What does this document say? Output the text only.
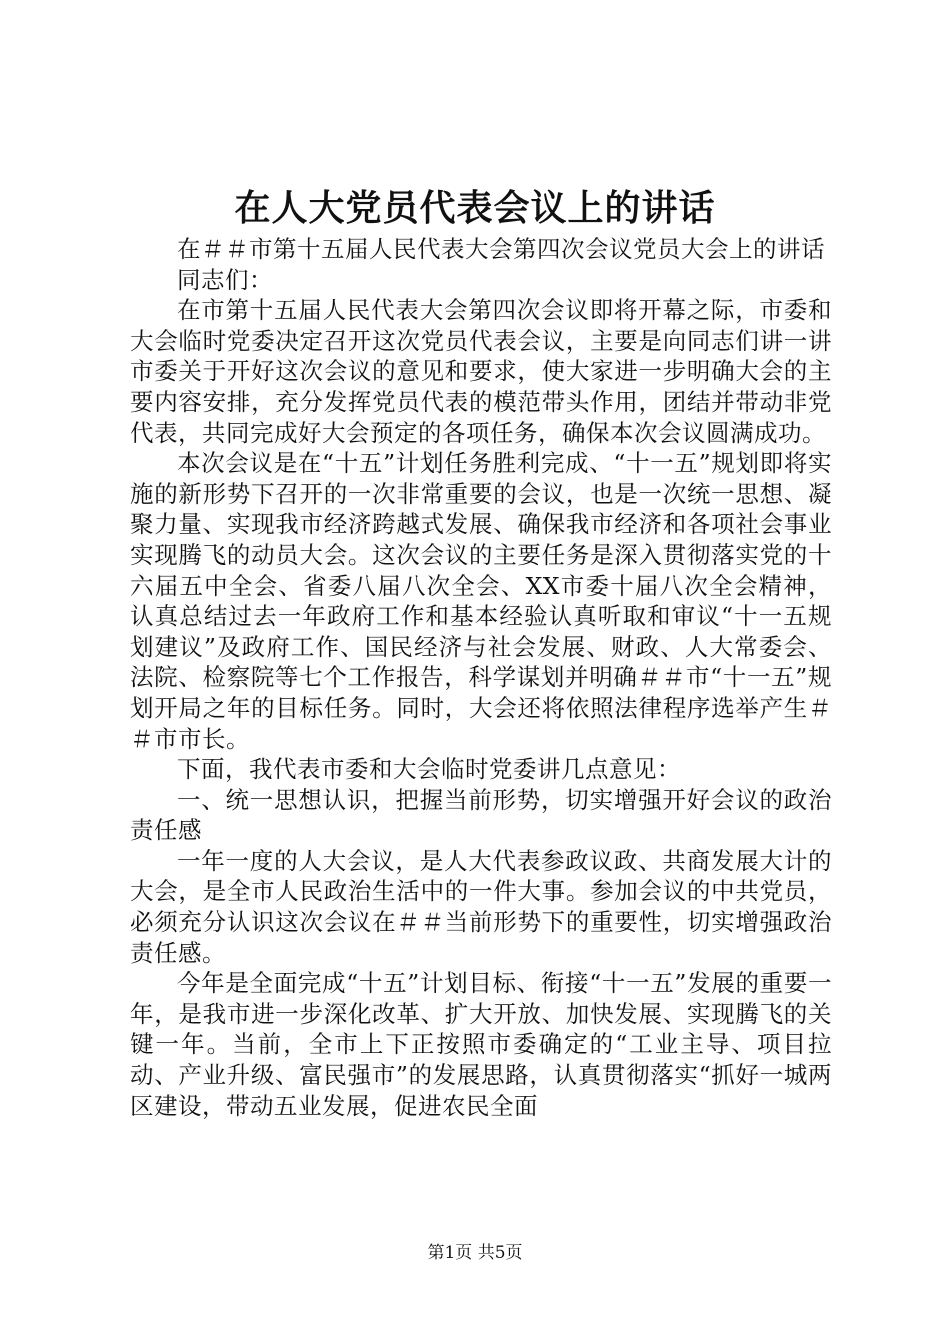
在人大党员代表会议上的讲话

在＃＃市第十五届人民代表大会第四次会议党员大会上的讲话

同志们：

在市第十五届人民代表大会第四次会议即将开幕之际，市委和大会临时党委决定召开这次党员代表会议，主要是向同志们讲一讲市委关于开好这次会议的意见和要求，使大家进一步明确大会的主要内容安排，充分发挥党员代表的模范带头作用，团结并带动非党代表，共同完成好大会预定的各项任务，确保本次会议圆满成功。

本次会议是在“十五”计划任务胜利完成、“十一五”规划即将实施的新形势下召开的一次非常重要的会议，也是一次统一思想、凝聚力量、实现我市经济跨越式发展、确保我市经济和各项社会事业实现腾飞的动员大会。这次会议的主要任务是深入贯彻落实党的十六届五中全会、省委八届八次全会、XX市委十届八次全会精神，认真总结过去一年政府工作和基本经验认真听取和审议“十一五规划建议”及政府工作、国民经济与社会发展、财政、人大常委会、法院、检察院等七个工作报告，科学谋划并明确＃＃市“十一五”规划开局之年的目标任务。同时，大会还将依照法律程序选举产生＃＃市市长。

下面，我代表市委和大会临时党委讲几点意见：

一、统一思想认识，把握当前形势，切实增强开好会议的政治责任感

一年一度的人大会议，是人大代表参政议政、共商发展大计的大会，是全市人民政治生活中的一件大事。参加会议的中共党员，必须充分认识这次会议在＃＃当前形势下的重要性，切实增强政治责任感。

今年是全面完成“十五”计划目标、衔接“十一五”发展的重要一年，是我市进一步深化改革、扩大开放、加快发展、实现腾飞的关键一年。当前，全市上下正按照市委确定的“工业主导、项目拉动、产业升级、富民强市”的发展思路，认真贯彻落实“抓好一城两区建设，带动五业发展，促进农民全面

第1页 共5页
